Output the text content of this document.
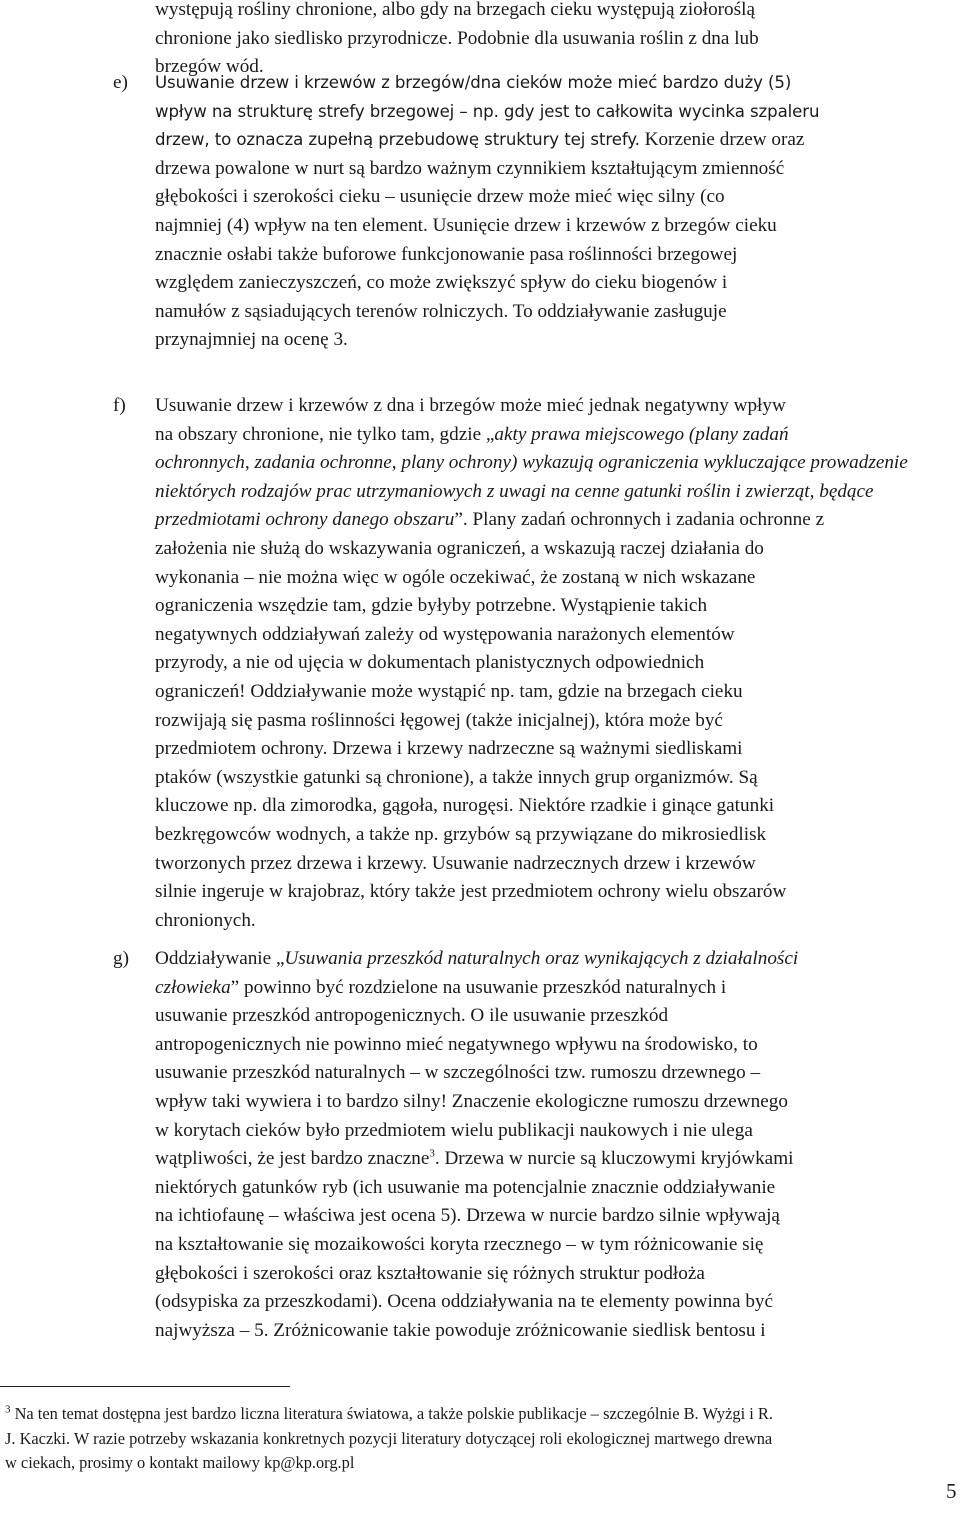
występują rośliny chronione, albo gdy na brzegach cieku występują ziołoroślą
chronione jako siedlisko przyrodnicze. Podobnie dla usuwania roślin z dna lub
brzegów wód.
e) Usuwanie drzew i krzewów z brzegów/dna cieków może mieć bardzo duży (5)
wpływ na strukturę strefy brzegowej – np. gdy jest to całkowita wycinka szpaleru
drzew, to oznacza zupełną przebudowę struktury tej strefy. Korzenie drzew oraz
drzewa powalone w nurt są bardzo ważnym czynnikiem kształtującym zmienność
głębokości i szerokości cieku – usunięcie drzew może mieć więc silny (co
najmniej (4) wpływ na ten element. Usunięcie drzew i krzewów z brzegów cieku
znacznie osłabi także buforowe funkcjonowanie pasa roślinności brzegowej
względem zanieczyszczeń, co może zwiększyć spływ do cieku biogenów i
namułów z sąsiadujących terenów rolniczych. To oddziaływanie zasługuje
przynajmniej na ocenę 3.
f) Usuwanie drzew i krzewów z dna i brzegów może mieć jednak negatywny wpływ
na obszary chronione, nie tylko tam, gdzie „akty prawa miejscowego (plany zadań
ochronnych, zadania ochronne, plany ochrony) wykazują ograniczenia wykluczające prowadzenie
niektórych rodzajów prac utrzymaniowych z uwagi na cenne gatunki roślin i zwierząt, będące
przedmiotami ochrony danego obszaru”. Plany zadań ochronnych i zadania ochronne z
założenia nie służą do wskazywania ograniczeń, a wskazują raczej działania do
wykonania – nie można więc w ogóle oczekiwać, że zostaną w nich wskazane
ograniczenia wszędzie tam, gdzie byłyby potrzebne. Wystąpienie takich
negatywnych oddziaływań zależy od występowania narażonych elementów
przyrody, a nie od ujęcia w dokumentach planistycznych odpowiednich
ograniczeń! Oddziaływanie może wystąpić np. tam, gdzie na brzegach cieku
rozwijają się pasma roślinności łęgowej (także inicjalnej), która może być
przedmiotem ochrony. Drzewa i krzewy nadrzeczne są ważnymi siedliskami
ptaków (wszystkie gatunki są chronione), a także innych grup organizmów. Są
kluczowe np. dla zimorodka, gągoła, nurogęsi. Niektóre rzadkie i ginące gatunki
bezkręgowców wodnych, a także np. grzybów są przywiązane do mikrosiedlisk
tworzonych przez drzewa i krzewy. Usuwanie nadrzecznych drzew i krzewów
silnie ingeruje w krajobraz, który także jest przedmiotem ochrony wielu obszarów
chronionych.
g) Oddziaływanie „Usuwania przeszkód naturalnych oraz wynikających z działalności
człowieka” powinno być rozdzielone na usuwanie przeszkód naturalnych i
usuwanie przeszkód antropogenicznych. O ile usuwanie przeszkód
antropogenicznych nie powinno mieć negatywnego wpływu na środowisko, to
usuwanie przeszkód naturalnych – w szczególności tzw. rumoszu drzewnego –
wpływ taki wywiera i to bardzo silny! Znaczenie ekologiczne rumoszu drzewnego
w korytach cieków było przedmiotem wielu publikacji naukowych i nie ulega
wątpliwości, że jest bardzo znaczne$^3$. Drzewa w nurcie są kluczowymi kryjówkami
niektórych gatunków ryb (ich usuwanie ma potencjalnie znacznie oddziaływanie
na ichtiofaunę – właściwa jest ocena 5). Drzewa w nurcie bardzo silnie wpływają
na kształtowanie się mozaikowości koryta rzecznego – w tym różnicowanie się
głębokości i szerokości oraz kształtowanie się różnych struktur podłoża
(odsypiska za przeszkodami). Ocena oddziaływania na te elementy powinna być
najwyższa – 5. Zróżnicowanie takie powoduje zróżnicowanie siedlisk bentosu i
$^3$ Na ten temat dostępna jest bardzo liczna literatura światowa, a także polskie publikacje – szczególnie B. Wyżgi i R.
J. Kaczki. W razie potrzeby wskazania konkretnych pozycji literatury dotyczącej roli ekologicznej martwego drewna
w ciekach, prosimy o kontakt mailowy kp@kp.org.pl
5
